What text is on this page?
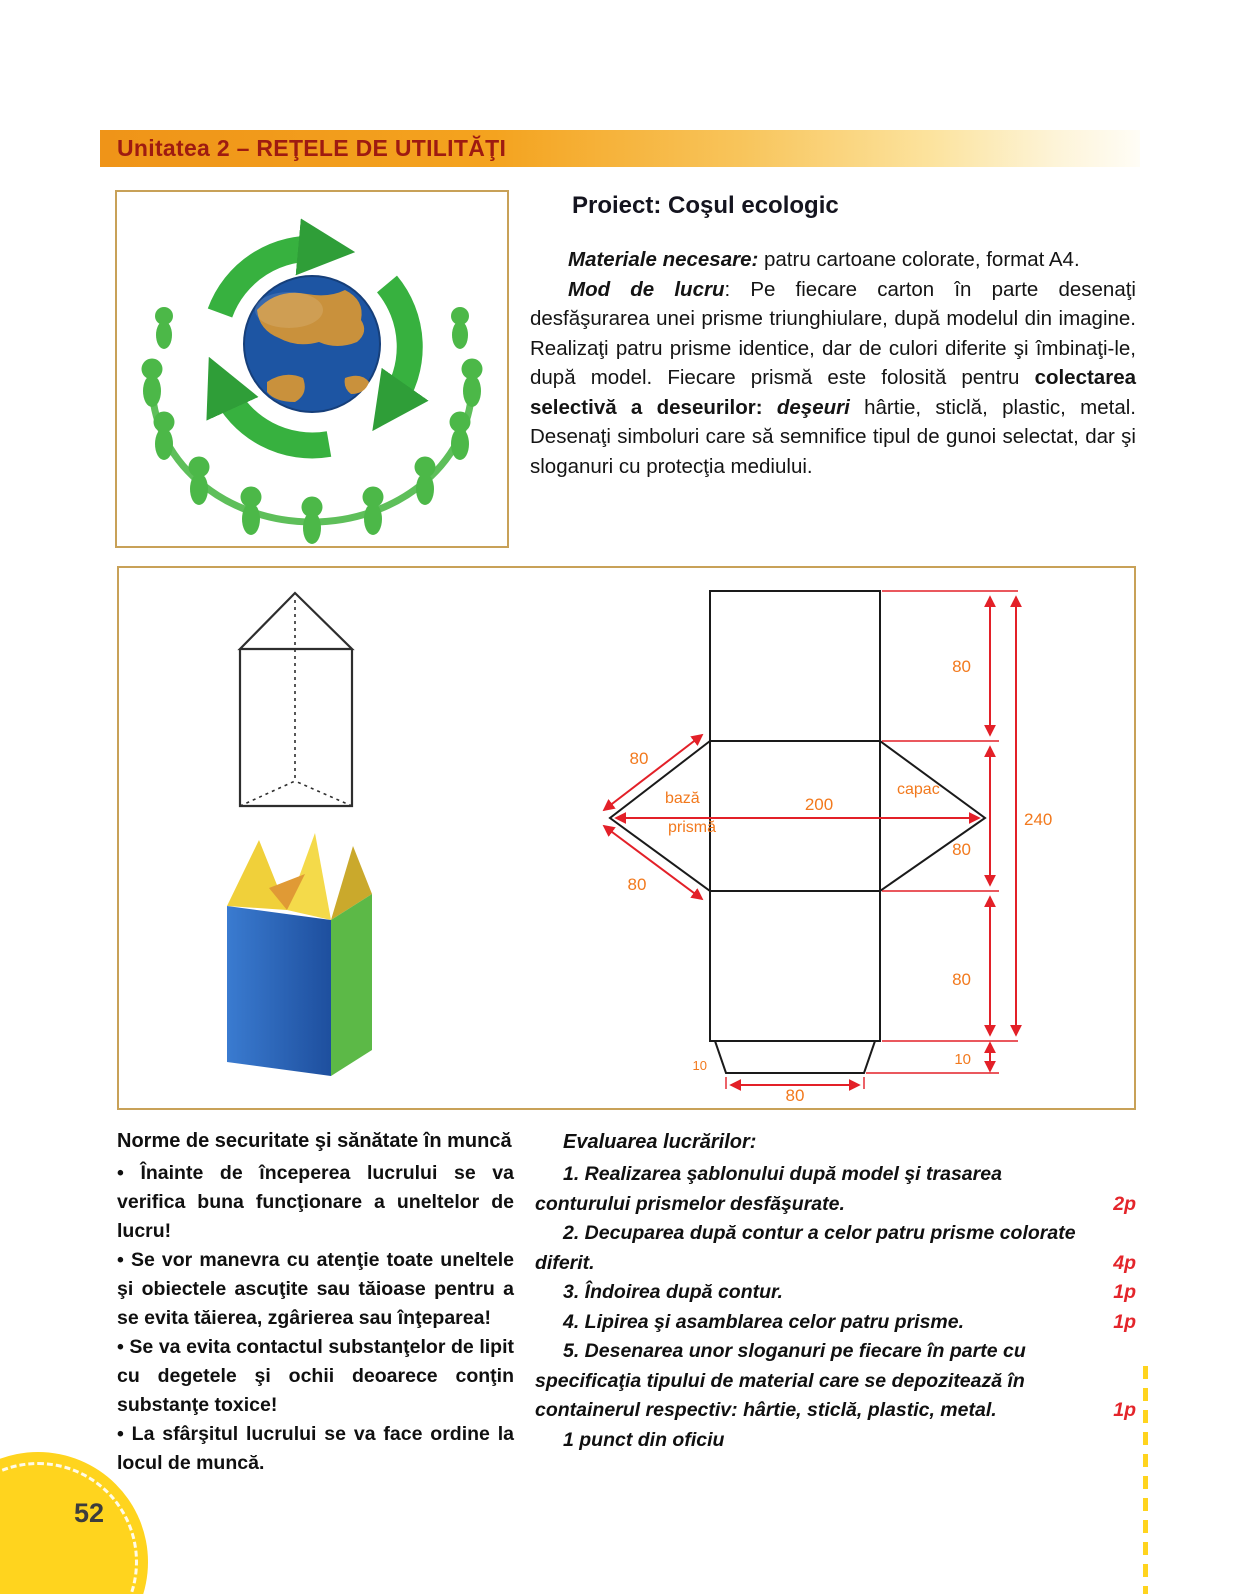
Unitatea 2 – REŢELE DE UTILITĂŢI
Proiect: Coşul ecologic

Materiale necesare: patru cartoane colorate, format A4.

Mod de lucru: Pe fiecare carton în parte desenaţi desfăşurarea unei prisme triunghiulare, după modelul din imagine. Realizaţi patru prisme identice, dar de culori diferite şi îmbinaţi-le, după model. Fiecare prismă este folosită pentru colectarea selectivă a deseurilor: deşeuri hârtie, sticlă, plastic, metal. Desenaţi simboluri care să semnifice tipul de gunoi selectat, dar şi sloganuri cu protecţia mediului.

80
80
80
240
200
10
10
80
80
80
bază
prismă
capac
Norme de securitate şi sănătate în muncă

• Înainte de începerea lucrului se va verifica buna funcţionare a uneltelor de lucru!

• Se vor manevra cu atenţie toate uneltele şi obiectele ascuţite sau tăioase pentru a se evita tăierea, zgârierea sau înţeparea!

• Se va evita contactul substanţelor de lipit cu degetele şi ochii deoarece conţin substanţe toxice!

• La sfârşitul lucrului se va face ordine la locul de muncă.

Evaluarea lucrărilor:
1. Realizarea şablonului după model şi trasarea conturului prismelor desfăşurate.	2p
2. Decuparea după contur a celor patru prisme colorate diferit.	4p
3. Îndoirea după contur.	1p
4. Lipirea şi asamblarea celor patru prisme.	1p
5. Desenarea unor sloganuri pe fiecare în parte cu specificaţia tipului de material care se depozitează în containerul respectiv: hârtie, sticlă, plastic, metal.	1p
1 punct din oficiu
52
